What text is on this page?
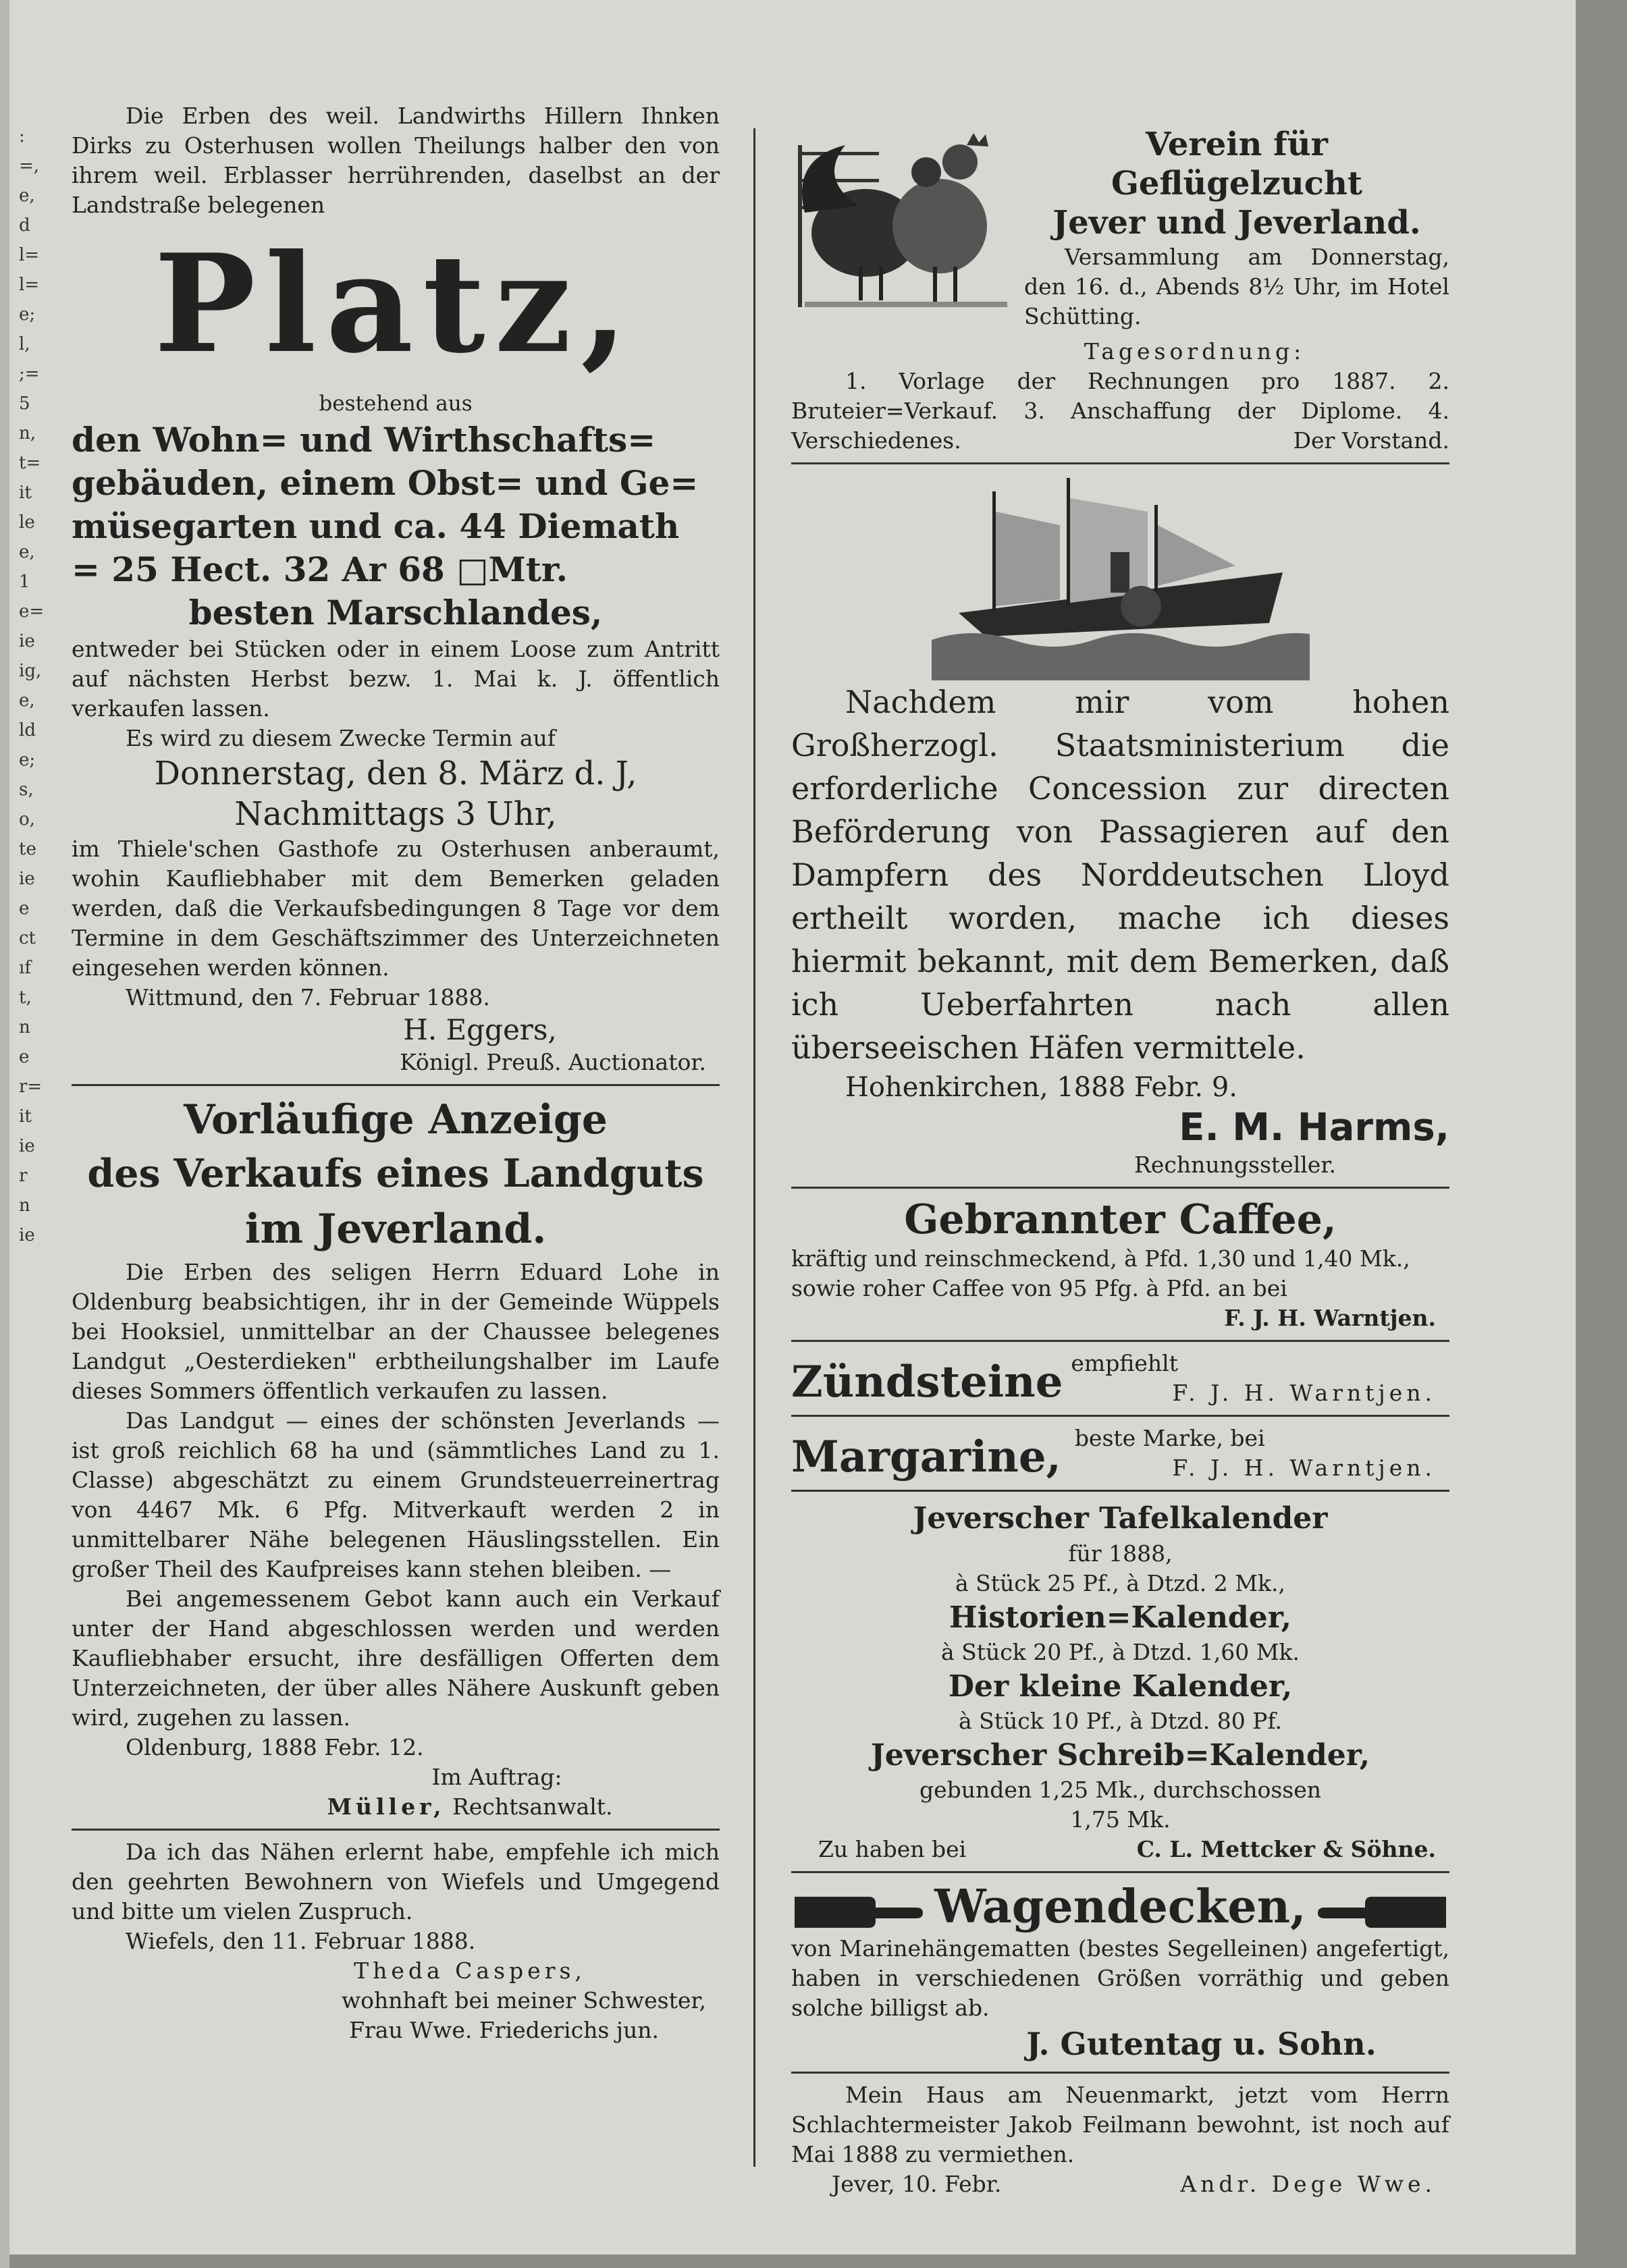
:
=,
e,
d
l=
l=
e;
l,
;=
5
n,
t=
it
le
e,
1
e=
ie
ig,
e,
ld
e;
s,
o,
te
ie
e
ct
ıf
t,
n
e
r=
it
ie
r
n
ie

Die Erben des weil. Landwirths Hillern Ihnken Dirks zu Osterhusen wollen Theilungs halber den von ihrem weil. Erblasser herrührenden, daselbst an der Landstraße belegenen

Platz,

bestehend aus

den Wohn= und Wirthschafts=
gebäuden, einem Obst= und Ge=
müsegarten und ca. 44 Diemath
= 25 Hect. 32 Ar 68 □Mtr.
besten Marschlandes,

entweder bei Stücken oder in einem Loose zum Antritt auf nächsten Herbst bezw. 1. Mai k. J. öffentlich verkaufen lassen.

Es wird zu diesem Zwecke Termin auf

Donnerstag, den 8. März d. J,
Nachmittags 3 Uhr,

im Thiele'schen Gasthofe zu Osterhusen anberaumt, wohin Kaufliebhaber mit dem Bemerken geladen werden, daß die Verkaufsbedingungen 8 Tage vor dem Termine in dem Geschäftszimmer des Unterzeichneten eingesehen werden können.

Wittmund, den 7. Februar 1888.

H. Eggers,

Königl. Preuß. Auctionator.

Vorläufige Anzeige
des Verkaufs eines Landguts
im Jeverland.

Die Erben des seligen Herrn Eduard Lohe in Oldenburg beabsichtigen, ihr in der Gemeinde Wüppels bei Hooksiel, unmittelbar an der Chaussee belegenes Landgut „Oesterdieken" erbtheilungshalber im Laufe dieses Sommers öffentlich verkaufen zu lassen.

Das Landgut — eines der schönsten Jeverlands — ist groß reichlich 68 ha und (sämmtliches Land zu 1. Classe) abgeschätzt zu einem Grundsteuerreinertrag von 4467 Mk. 6 Pfg. Mitverkauft werden 2 in unmittelbarer Nähe belegenen Häuslingsstellen. Ein großer Theil des Kaufpreises kann stehen bleiben. —

Bei angemessenem Gebot kann auch ein Verkauf unter der Hand abgeschlossen werden und werden Kaufliebhaber ersucht, ihre desfälligen Offerten dem Unterzeichneten, der über alles Nähere Auskunft geben wird, zugehen zu lassen.

Oldenburg, 1888 Febr. 12.

Im Auftrag:

Müller, Rechtsanwalt.

Da ich das Nähen erlernt habe, empfehle ich mich den geehrten Bewohnern von Wiefels und Umgegend und bitte um vielen Zuspruch.

Wiefels, den 11. Februar 1888.

Theda Caspers,

wohnhaft bei meiner Schwester,

Frau Wwe. Friederichs jun.

Verein für Geflügelzucht
Jever und Jeverland.

Versammlung am Donnerstag, den 16. d., Abends 8½ Uhr, im Hotel Schütting.

Tagesordnung:

1. Vorlage der Rechnungen pro 1887. 2. Brutеier=Verkauf. 3. Anschaffung der Diplome. 4. Verschiedenes.	Der Vorstand.

Nachdem mir vom hohen Großherzogl. Staatsministerium die erforderliche Concession zur directen Beförderung von Passagieren auf den Dampfern des Norddeutschen Lloyd ertheilt worden, mache ich dieses hiermit bekannt, mit dem Bemerken, daß ich Ueberfahrten nach allen überseeischen Häfen vermittele.

Hohenkirchen, 1888 Febr. 9.

E. M. Harms,

Rechnungssteller.

Gebrannter Caffee,

kräftig und reinschmeckend, à Pfd. 1,30 und 1,40 Mk.,

sowie roher Caffee von 95 Pfg. à Pfd. an bei

F. J. H. Warntjen.

Zündsteine empfiehlt

F. J. H. Warntjen.

Margarine, beste Marke, bei

F. J. H. Warntjen.

Jeverscher Tafelkalender

für 1888,

à Stück 25 Pf., à Dtzd. 2 Mk.,

Historien=Kalender,

à Stück 20 Pf., à Dtzd. 1,60 Mk.

Der kleine Kalender,

à Stück 10 Pf., à Dtzd. 80 Pf.

Jeverscher Schreib=Kalender,

gebunden 1,25 Mk., durchschossen

1,75 Mk.

Zu haben bei	C. L. Mettcker & Söhne.

Wagendecken,

von Marinehängematten (bestes Segelleinen) angefertigt, haben in verschiedenen Größen vorräthig und geben solche billigst ab.

J. Gutentag u. Sohn.

Mein Haus am Neuenmarkt, jetzt vom Herrn Schlachtermeister Jakob Feilmann bewohnt, ist noch auf Mai 1888 zu vermiethen.

Jever, 10. Febr.	Andr. Dege Wwe.
